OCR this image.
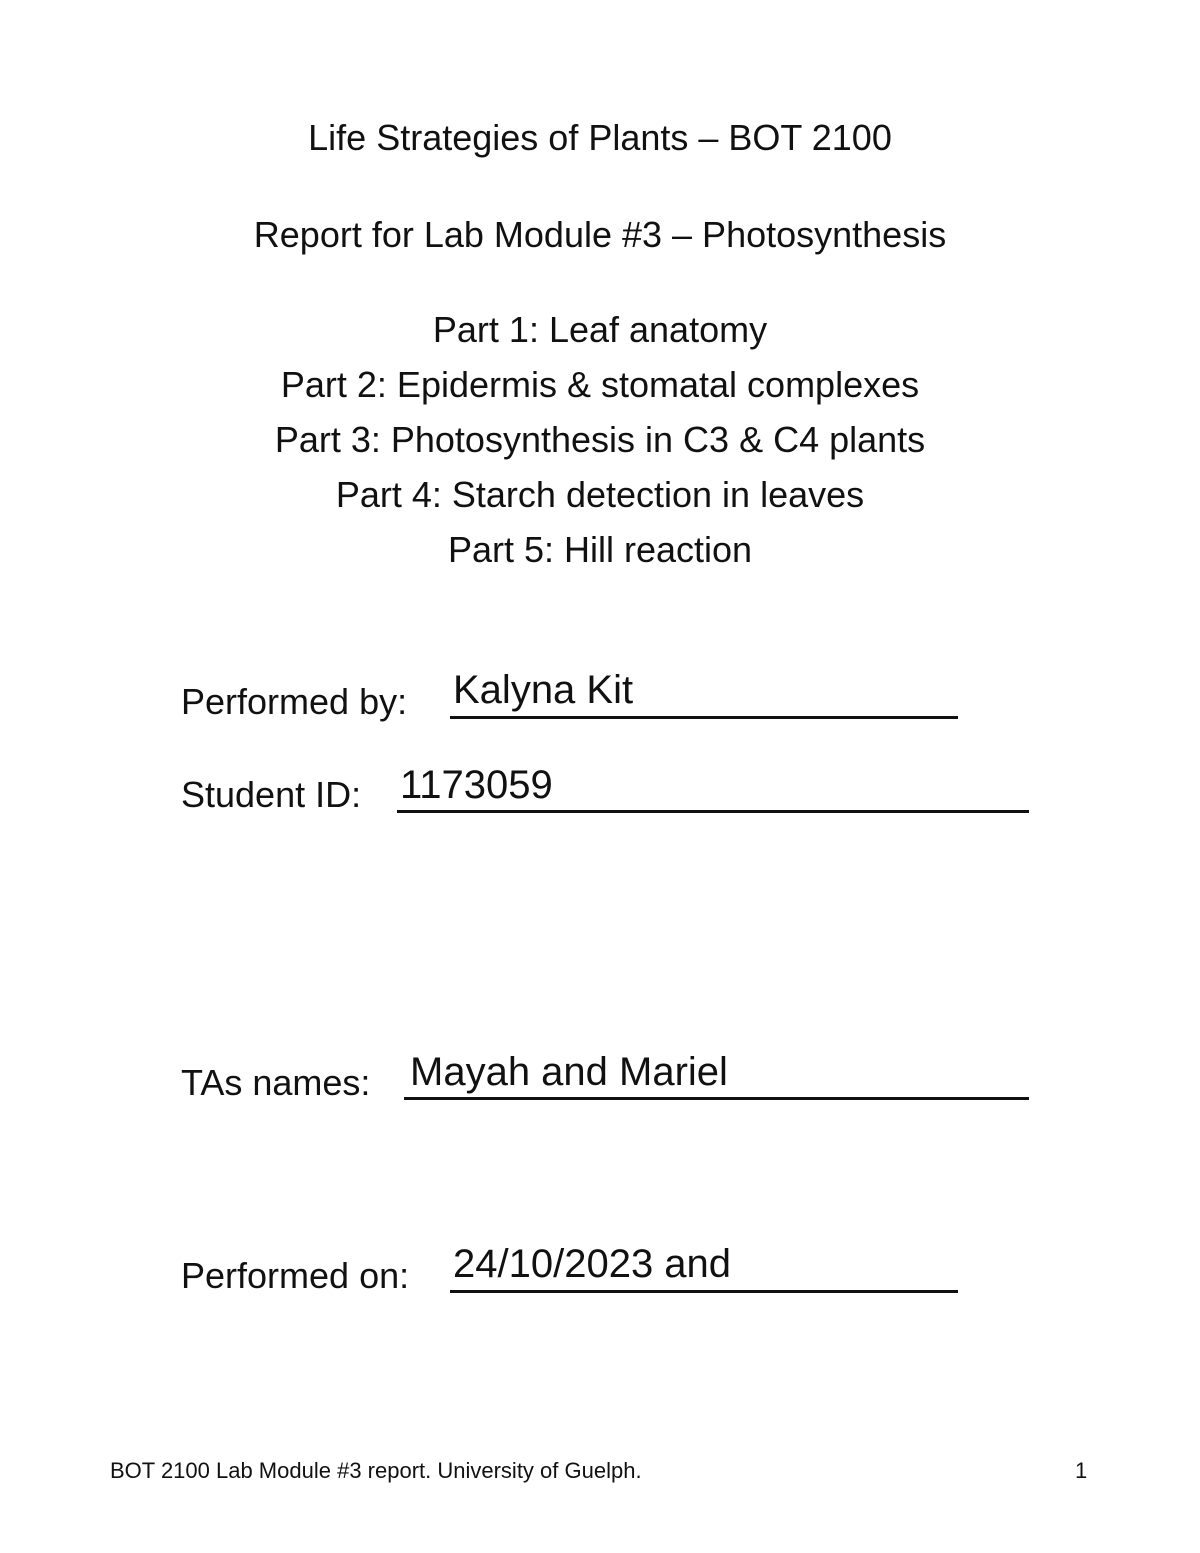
Life Strategies of Plants – BOT 2100
Report for Lab Module #3 – Photosynthesis
Part 1: Leaf anatomy
Part 2: Epidermis & stomatal complexes
Part 3: Photosynthesis in C3 & C4 plants
Part 4: Starch detection in leaves
Part 5: Hill reaction
Performed by: Kalyna Kit
Student ID: 1173059
TAs names: Mayah and Mariel
Performed on: 24/10/2023 and
BOT 2100 Lab Module #3 report. University of Guelph.	1
